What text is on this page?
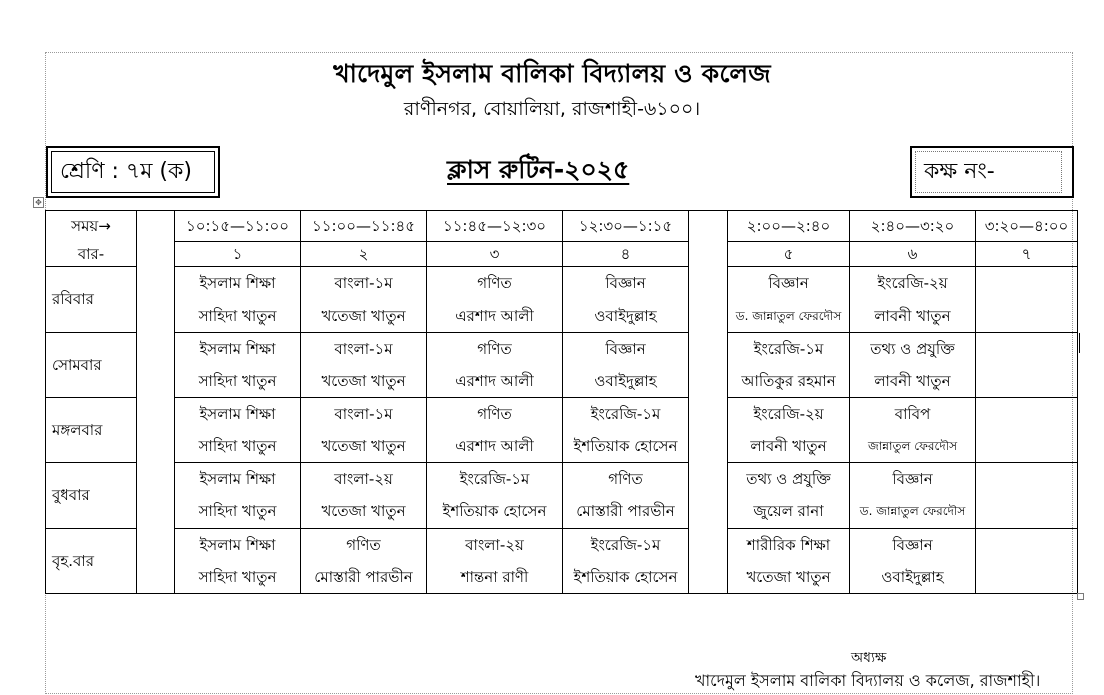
খাদেমুল ইসলাম বালিকা বিদ্যালয় ও কলেজ
রাণীনগর, বোয়ালিয়া, রাজশাহী-৬১০০।
শ্রেণি : ৭ম (ক)	ক্লাস রুটিন-২০২৫	কক্ষ নং-
✥
সময়→		১০:১৫—১১:০০	১১:০০—১১:৪৫	১১:৪৫—১২:৩০	১২:৩০—১:১৫		২:০০—২:৪০	২:৪০—৩:২০	৩:২০—৪:০০
বার-		১	২	৩	৪		৫	৬	৭
রবিবার		ইসলাম শিক্ষা	বাংলা-১ম	গণিত	বিজ্ঞান		বিজ্ঞান	ইংরেজি-২য়	
		সাহিদা খাতুন	খতেজা খাতুন	এরশাদ আলী	ওবাইদুল্লাহ		ড. জান্নাতুল ফেরদৌস	লাবনী খাতুন	
সোমবার		ইসলাম শিক্ষা	বাংলা-১ম	গণিত	বিজ্ঞান		ইংরেজি-১ম	তথ্য ও প্রযুক্তি	
		সাহিদা খাতুন	খতেজা খাতুন	এরশাদ আলী	ওবাইদুল্লাহ		আতিকুর রহমান	লাবনী খাতুন	
মঙ্গলবার		ইসলাম শিক্ষা	বাংলা-১ম	গণিত	ইংরেজি-১ম		ইংরেজি-২য়	বাবিপ	
		সাহিদা খাতুন	খতেজা খাতুন	এরশাদ আলী	ইশতিয়াক হোসেন		লাবনী খাতুন	জান্নাতুল ফেরদৌস	
বুধবার		ইসলাম শিক্ষা	বাংলা-২য়	ইংরেজি-১ম	গণিত		তথ্য ও প্রযুক্তি	বিজ্ঞান	
		সাহিদা খাতুন	খতেজা খাতুন	ইশতিয়াক হোসেন	মোস্তারী পারভীন		জুয়েল রানা	ড. জান্নাতুল ফেরদৌস	
বৃহ.বার		ইসলাম শিক্ষা	গণিত	বাংলা-২য়	ইংরেজি-১ম		শারীরিক শিক্ষা	বিজ্ঞান	
		সাহিদা খাতুন	মোস্তারী পারভীন	শান্তনা রাণী	ইশতিয়াক হোসেন		খতেজা খাতুন	ওবাইদুল্লাহ	
অধ্যক্ষ
খাদেমুল ইসলাম বালিকা বিদ্যালয় ও কলেজ, রাজশাহী।
